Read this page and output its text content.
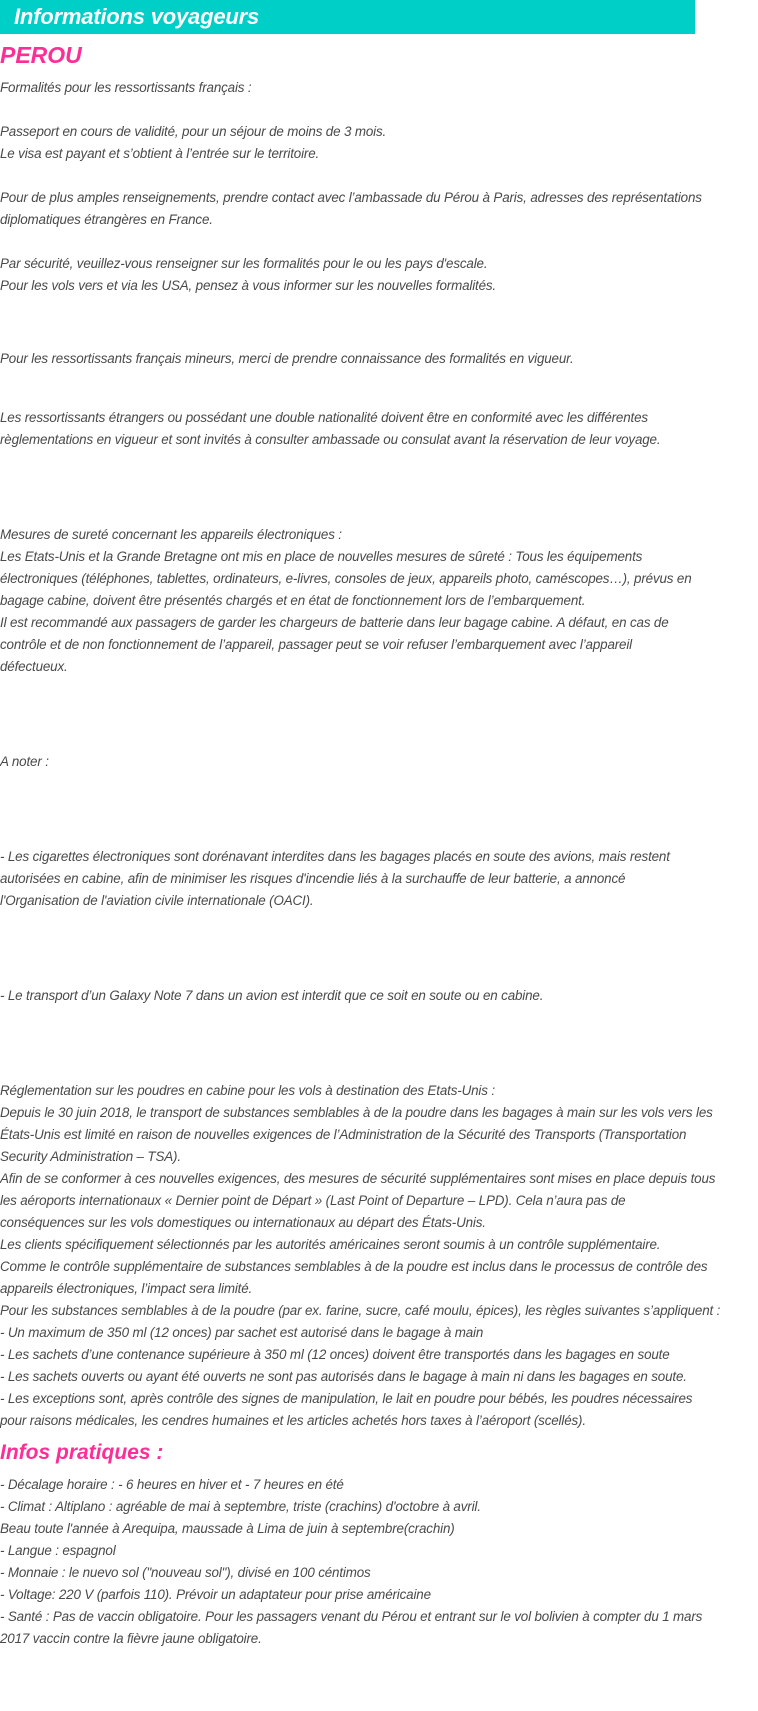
Informations voyageurs
PEROU
Formalités pour les ressortissants français :
Passeport en cours de validité, pour un séjour de moins de 3 mois.
Le visa est payant et s’obtient à l’entrée sur le territoire.
Pour de plus amples renseignements, prendre contact avec l’ambassade du Pérou à Paris, adresses des représentations
diplomatiques étrangères en France.
Par sécurité, veuillez-vous renseigner sur les formalités pour le ou les pays d'escale.
Pour les vols vers et via les USA, pensez à vous informer sur les nouvelles formalités.
Pour les ressortissants français mineurs, merci de prendre connaissance des formalités en vigueur.
Les ressortissants étrangers ou possédant une double nationalité doivent être en conformité avec les différentes
règlementations en vigueur et sont invités à consulter ambassade ou consulat avant la réservation de leur voyage.
Mesures de sureté concernant les appareils électroniques :
Les Etats-Unis et la Grande Bretagne ont mis en place de nouvelles mesures de sûreté : Tous les équipements
électroniques (téléphones, tablettes, ordinateurs, e-livres, consoles de jeux, appareils photo, caméscopes…), prévus en
bagage cabine, doivent être présentés chargés et en état de fonctionnement lors de l’embarquement.
Il est recommandé aux passagers de garder les chargeurs de batterie dans leur bagage cabine. A défaut, en cas de
contrôle et de non fonctionnement de l’appareil, passager peut se voir refuser l’embarquement avec l’appareil
défectueux.
A noter :
- Les cigarettes électroniques sont dorénavant interdites dans les bagages placés en soute des avions, mais restent
autorisées en cabine, afin de minimiser les risques d'incendie liés à la surchauffe de leur batterie, a annoncé
l'Organisation de l'aviation civile internationale (OACI).
- Le transport d’un Galaxy Note 7 dans un avion est interdit que ce soit en soute ou en cabine.
Réglementation sur les poudres en cabine pour les vols à destination des Etats-Unis :
Depuis le 30 juin 2018, le transport de substances semblables à de la poudre dans les bagages à main sur les vols vers les
États-Unis est limité en raison de nouvelles exigences de l’Administration de la Sécurité des Transports (Transportation
Security Administration – TSA).
Afin de se conformer à ces nouvelles exigences, des mesures de sécurité supplémentaires sont mises en place depuis tous
les aéroports internationaux « Dernier point de Départ » (Last Point of Departure – LPD). Cela n’aura pas de
conséquences sur les vols domestiques ou internationaux au départ des États-Unis.
Les clients spécifiquement sélectionnés par les autorités américaines seront soumis à un contrôle supplémentaire.
Comme le contrôle supplémentaire de substances semblables à de la poudre est inclus dans le processus de contrôle des
appareils électroniques, l’impact sera limité.
Pour les substances semblables à de la poudre (par ex. farine, sucre, café moulu, épices), les règles suivantes s’appliquent :
- Un maximum de 350 ml (12 onces) par sachet est autorisé dans le bagage à main
- Les sachets d’une contenance supérieure à 350 ml (12 onces) doivent être transportés dans les bagages en soute
- Les sachets ouverts ou ayant été ouverts ne sont pas autorisés dans le bagage à main ni dans les bagages en soute.
- Les exceptions sont, après contrôle des signes de manipulation, le lait en poudre pour bébés, les poudres nécessaires
pour raisons médicales, les cendres humaines et les articles achetés hors taxes à l’aéroport (scellés).
Infos pratiques :
- Décalage horaire : - 6 heures en hiver et - 7 heures en été
- Climat : Altiplano : agréable de mai à septembre, triste (crachins) d'octobre à avril.
Beau toute l'année à Arequipa, maussade à Lima de juin à septembre(crachin)
- Langue : espagnol
- Monnaie : le nuevo sol ("nouveau sol"), divisé en 100 céntimos
- Voltage: 220 V (parfois 110). Prévoir un adaptateur pour prise américaine
- Santé : Pas de vaccin obligatoire. Pour les passagers venant du Pérou et entrant sur le vol bolivien à compter du 1 mars
2017 vaccin contre la fièvre jaune obligatoire.
